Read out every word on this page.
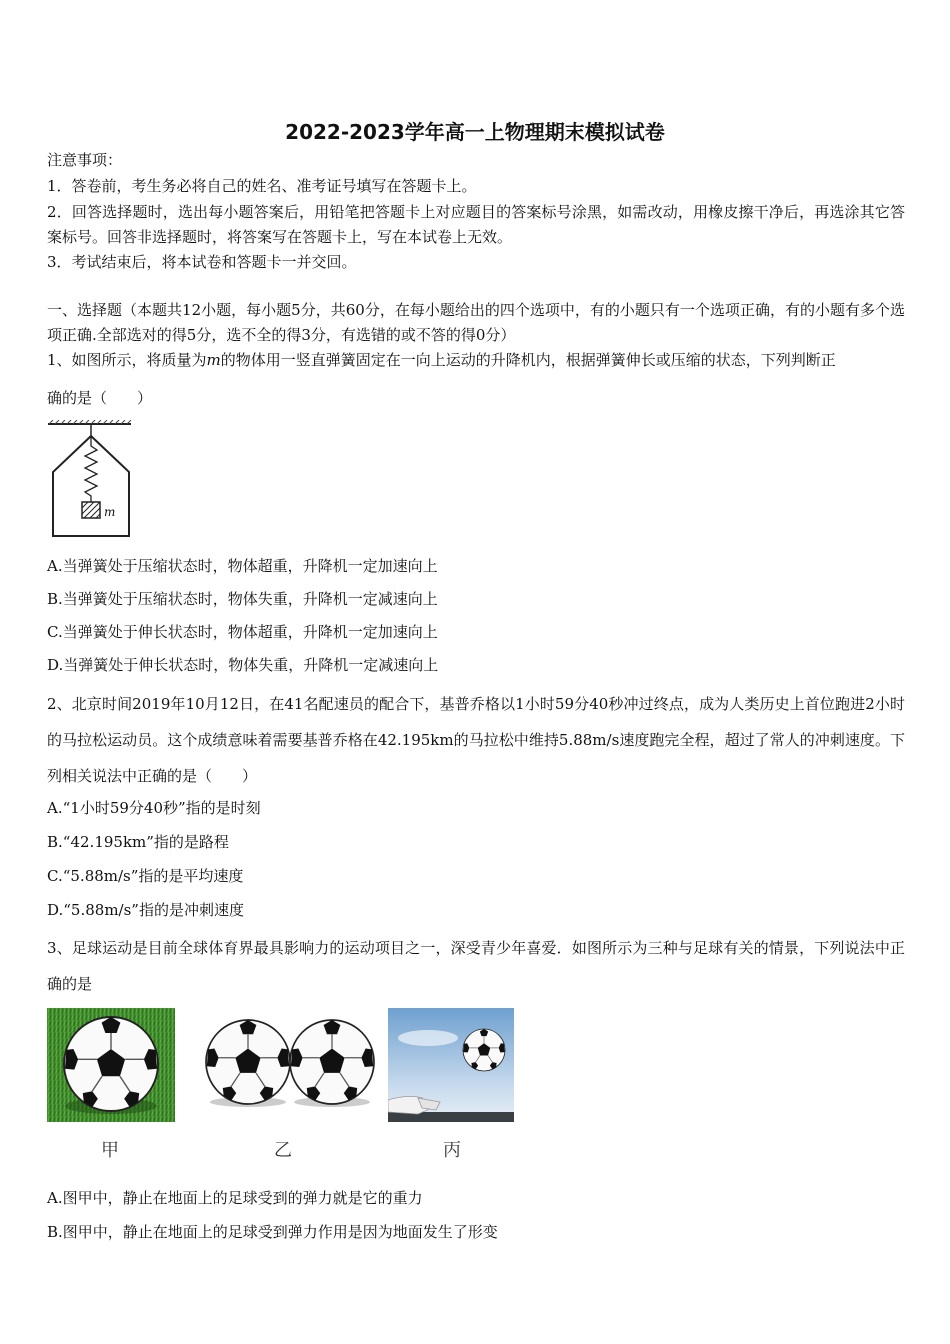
2022-2023学年高一上物理期末模拟试卷
注意事项：
1．答卷前，考生务必将自己的姓名、准考证号填写在答题卡上。
2．回答选择题时，选出每小题答案后，用铅笔把答题卡上对应题目的答案标号涂黑，如需改动，用橡皮擦干净后，再选涂其它答案标号。回答非选择题时，将答案写在答题卡上，写在本试卷上无效。
3．考试结束后，将本试卷和答题卡一并交回。
一、选择题（本题共12小题，每小题5分，共60分，在每小题给出的四个选项中，有的小题只有一个选项正确，有的小题有多个选项正确.全部选对的得5分，选不全的得3分，有选错的或不答的得0分）
1、如图所示，将质量为m的物体用一竖直弹簧固定在一向上运动的升降机内，根据弹簧伸长或压缩的状态，下列判断正
确的是（　　）
m
A.当弹簧处于压缩状态时，物体超重，升降机一定加速向上
B.当弹簧处于压缩状态时，物体失重，升降机一定减速向上
C.当弹簧处于伸长状态时，物体超重，升降机一定加速向上
D.当弹簧处于伸长状态时，物体失重，升降机一定减速向上
2、北京时间2019年10月12日，在41名配速员的配合下，基普乔格以1小时59分40秒冲过终点，成为人类历史上首位跑进2小时的马拉松运动员。这个成绩意味着需要基普乔格在42.195km的马拉松中维持5.88m/s速度跑完全程，超过了常人的冲刺速度。下列相关说法中正确的是（　　）
A.“1小时59分40秒”指的是时刻
B.“42.195km”指的是路程
C.“5.88m/s”指的是平均速度
D.“5.88m/s”指的是冲刺速度
3、足球运动是目前全球体育界最具影响力的运动项目之一，深受青少年喜爱．如图所示为三种与足球有关的情景，下列说法中正确的是
甲	乙	丙
A.图甲中，静止在地面上的足球受到的弹力就是它的重力
B.图甲中，静止在地面上的足球受到弹力作用是因为地面发生了形变
